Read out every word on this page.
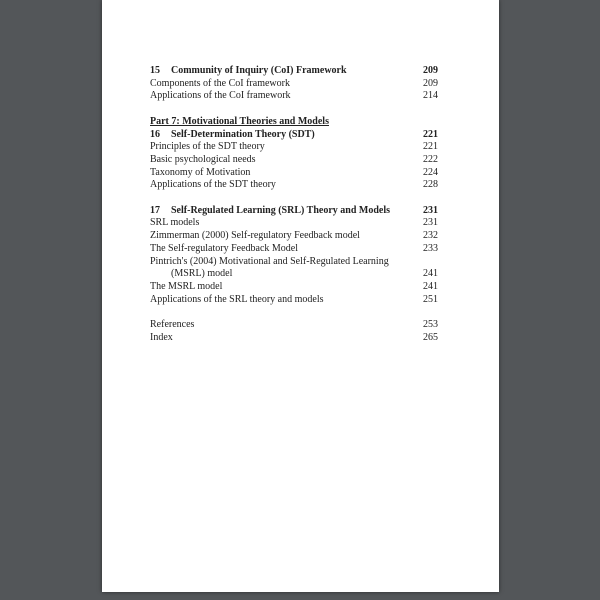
15 Community of Inquiry (CoI) Framework	209
Components of the CoI framework	209
Applications of the CoI framework	214
Part 7: Motivational Theories and Models
16 Self-Determination Theory (SDT)	221
Principles of the SDT theory	221
Basic psychological needs	222
Taxonomy of Motivation	224
Applications of the SDT theory	228
17 Self-Regulated Learning (SRL) Theory and Models	231
SRL models	231
Zimmerman (2000) Self-regulatory Feedback model	232
The Self-regulatory Feedback Model	233
Pintrich's (2004) Motivational and Self-Regulated Learning
(MSRL) model	241
The MSRL model	241
Applications of the SRL theory and models	251
References	253
Index	265
